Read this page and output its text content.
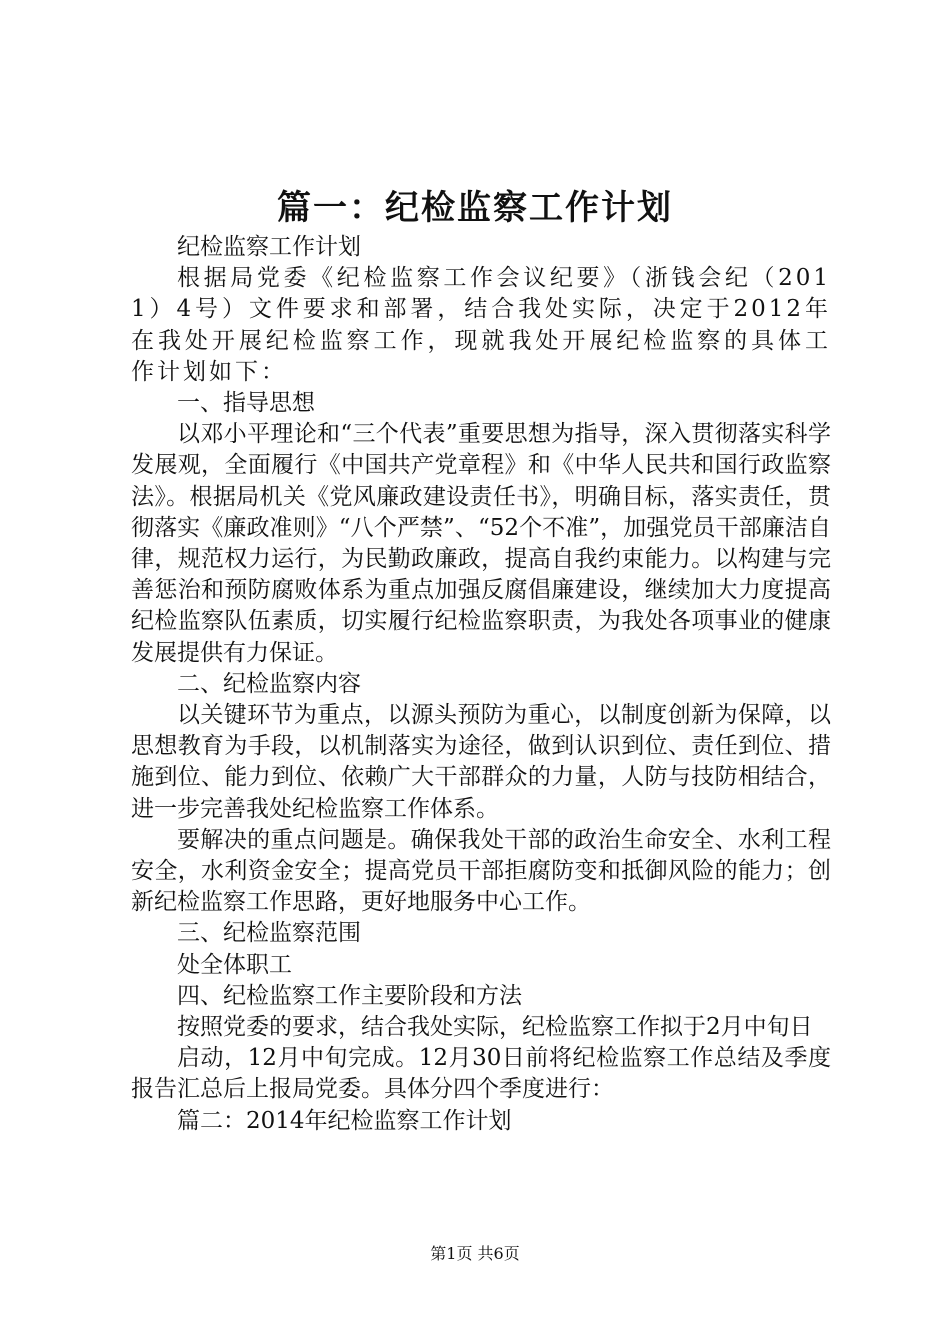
篇一：纪检监察工作计划

纪检监察工作计划

根据局党委《纪检监察工作会议纪要》（浙钱会纪（2011）4号）文件要求和部署，结合我处实际，决定于2012年在我处开展纪检监察工作，现就我处开展纪检监察的具体工作计划如下：

一、指导思想

以邓小平理论和“三个代表”重要思想为指导，深入贯彻落实科学发展观，全面履行《中国共产党章程》和《中华人民共和国行政监察法》。根据局机关《党风廉政建设责任书》，明确目标，落实责任，贯彻落实《廉政准则》“八个严禁”、“52个不准”，加强党员干部廉洁自律，规范权力运行，为民勤政廉政，提高自我约束能力。以构建与完善惩治和预防腐败体系为重点加强反腐倡廉建设，继续加大力度提高纪检监察队伍素质，切实履行纪检监察职责，为我处各项事业的健康发展提供有力保证。

二、纪检监察内容

以关键环节为重点，以源头预防为重心，以制度创新为保障，以思想教育为手段，以机制落实为途径，做到认识到位、责任到位、措施到位、能力到位、依赖广大干部群众的力量，人防与技防相结合，进一步完善我处纪检监察工作体系。

要解决的重点问题是。确保我处干部的政治生命安全、水利工程安全，水利资金安全；提高党员干部拒腐防变和抵御风险的能力；创新纪检监察工作思路，更好地服务中心工作。

三、纪检监察范围

处全体职工

四、纪检监察工作主要阶段和方法

按照党委的要求，结合我处实际，纪检监察工作拟于2月中旬日

启动，12月中旬完成。12月30日前将纪检监察工作总结及季度报告汇总后上报局党委。具体分四个季度进行：

篇二：2014年纪检监察工作计划

第1页 共6页
